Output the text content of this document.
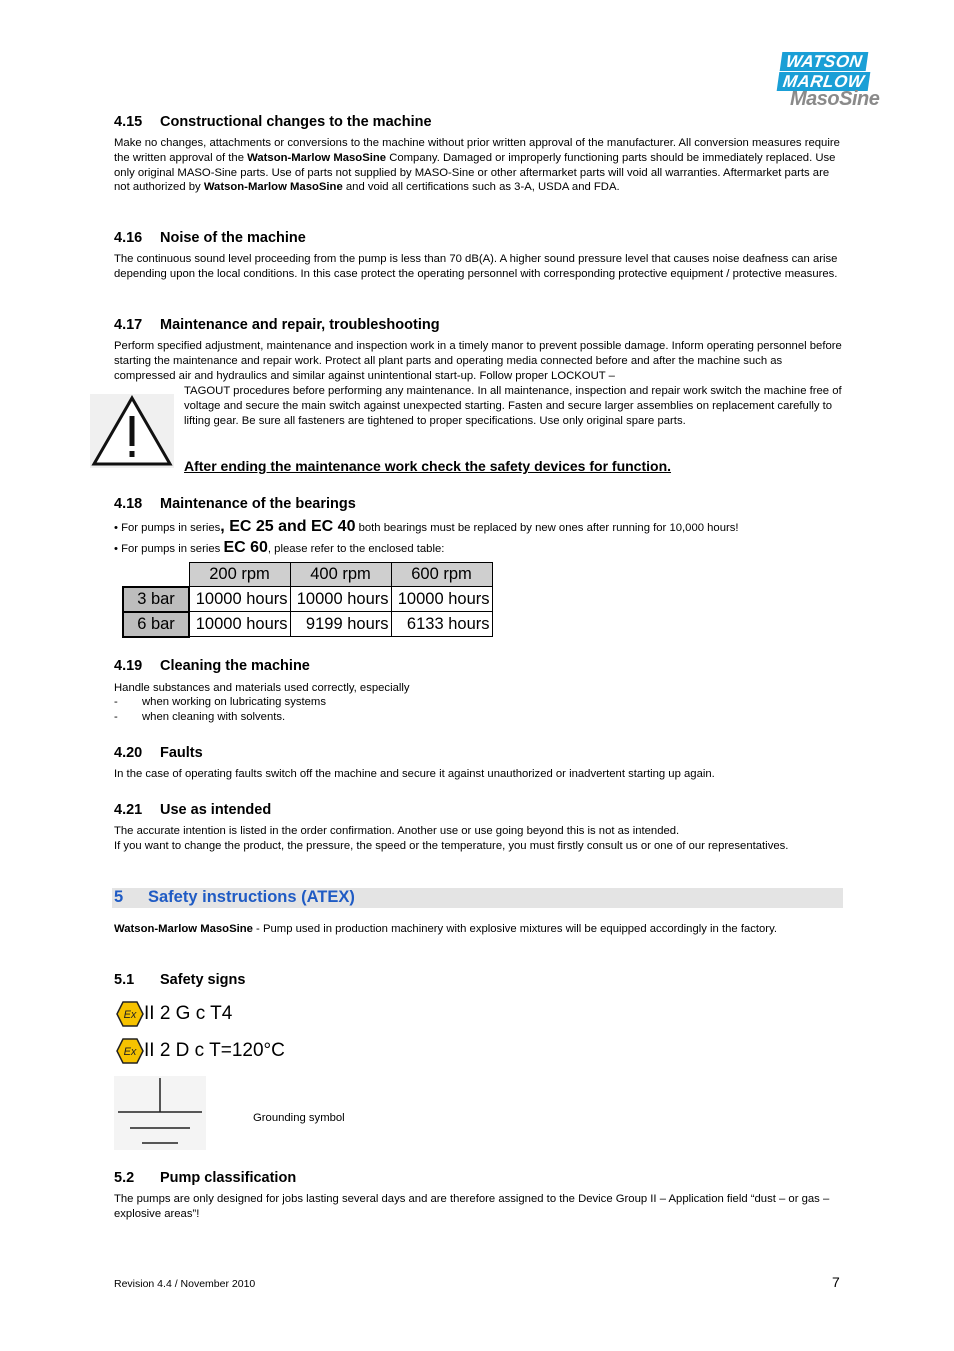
WATSON
MARLOW
MasoSine
4.15 Constructional changes to the machine

Make no changes, attachments or conversions to the machine without prior written approval of the manufacturer. All conversion measures require the written approval of the Watson-Marlow MasoSine Company. Damaged or improperly functioning parts should be immediately replaced. Use only original MASO-Sine parts. Use of parts not supplied by MASO-Sine or other aftermarket parts will void all warranties. Aftermarket parts are not authorized by Watson-Marlow MasoSine and void all certifications such as 3-A, USDA and FDA.

4.16 Noise of the machine

The continuous sound level proceeding from the pump is less than 70 dB(A). A higher sound pressure level that causes noise deafness can arise depending upon the local conditions. In this case protect the operating personnel with corresponding protective equipment / protective measures.

4.17 Maintenance and repair, troubleshooting

Perform specified adjustment, maintenance and inspection work in a timely manor to prevent possible damage. Inform operating personnel before starting the maintenance and repair work. Protect all plant parts and operating media connected before and after the machine such as compressed air and hydraulics and similar against unintentional start-up. Follow proper LOCKOUT –

TAGOUT procedures before performing any maintenance. In all maintenance, inspection and repair work switch the machine free of voltage and secure the main switch against unexpected starting. Fasten and secure larger assemblies on replacement carefully to lifting gear. Be sure all fasteners are tightened to proper specifications. Use only original spare parts.

After ending the maintenance work check the safety devices for function.
4.18 Maintenance of the bearings
• For pumps in series, EC 25 and EC 40 both bearings must be replaced by new ones after running for 10,000 hours!
• For pumps in series EC 60, please refer to the enclosed table:
	200 rpm	400 rpm	600 rpm
3 bar	10000 hours	10000 hours	10000 hours
6 bar	10000 hours	9199 hours	6133 hours
4.19 Cleaning the machine

Handle substances and materials used correctly, especially

- when working on lubricating systems
- when cleaning with solvents.
4.20 Faults

In the case of operating faults switch off the machine and secure it against unauthorized or inadvertent starting up again.

4.21 Use as intended

The accurate intention is listed in the order confirmation. Another use or use going beyond this is not as intended.

If you want to change the product, the pressure, the speed or the temperature, you must firstly consult us or one of our representatives.

5 Safety instructions (ATEX)

Watson-Marlow MasoSine - Pump used in production machinery with explosive mixtures will be equipped accordingly in the factory.

5.1 Safety signs
Ex II 2 G c T4
Ex II 2 D c T=120°C
Grounding symbol
5.2 Pump classification

The pumps are only designed for jobs lasting several days and are therefore assigned to the Device Group II – Application field “dust – or gas – explosive areas”!

Revision 4.4 / November 2010	7
